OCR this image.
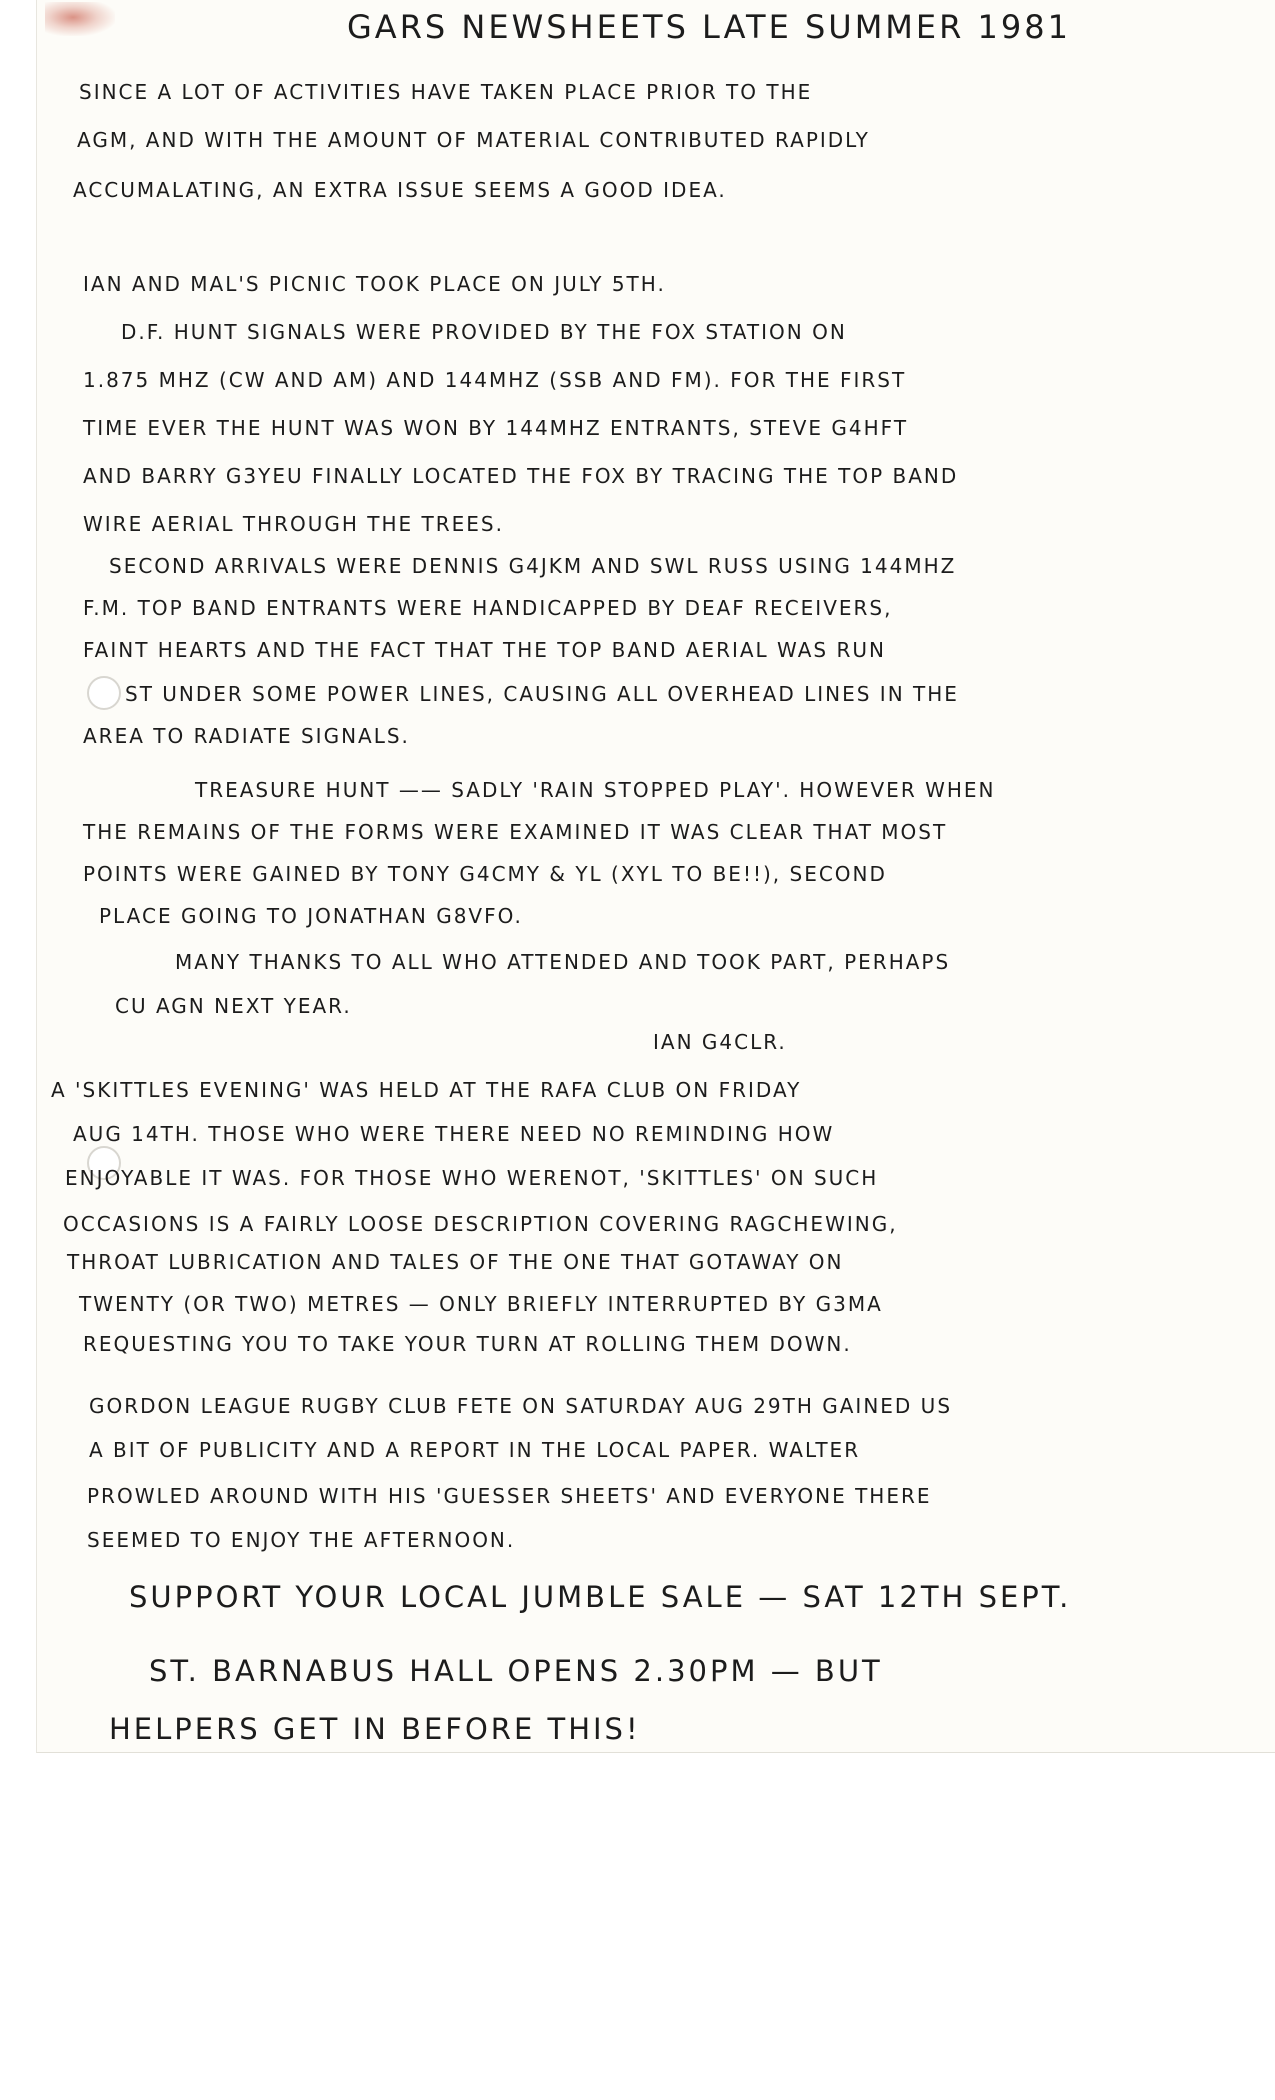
GARS NEWSHEETS LATE SUMMER 1981

SINCE A LOT OF ACTIVITIES HAVE TAKEN PLACE PRIOR TO THE

AGM, AND WITH THE AMOUNT OF MATERIAL CONTRIBUTED RAPIDLY

ACCUMALATING, AN EXTRA ISSUE SEEMS A GOOD IDEA.

IAN AND MAL'S PICNIC TOOK PLACE ON JULY 5TH.

D.F. HUNT SIGNALS WERE PROVIDED BY THE FOX STATION ON

1.875 MHZ (CW AND AM) AND 144MHZ (SSB AND FM). FOR THE FIRST

TIME EVER THE HUNT WAS WON BY 144MHZ ENTRANTS, STEVE G4HFT

AND BARRY G3YEU FINALLY LOCATED THE FOX BY TRACING THE TOP BAND

WIRE AERIAL THROUGH THE TREES.

SECOND ARRIVALS WERE DENNIS G4JKM AND SWL RUSS USING 144MHZ

F.M. TOP BAND ENTRANTS WERE HANDICAPPED BY DEAF RECEIVERS,

FAINT HEARTS AND THE FACT THAT THE TOP BAND AERIAL WAS RUN

ST UNDER SOME POWER LINES, CAUSING ALL OVERHEAD LINES IN THE

AREA TO RADIATE SIGNALS.

TREASURE HUNT —— SADLY 'RAIN STOPPED PLAY'. HOWEVER WHEN

THE REMAINS OF THE FORMS WERE EXAMINED IT WAS CLEAR THAT MOST

POINTS WERE GAINED BY TONY G4CMY & YL (XYL TO BE!!), SECOND

PLACE GOING TO JONATHAN G8VFO.

MANY THANKS TO ALL WHO ATTENDED AND TOOK PART, PERHAPS

CU AGN NEXT YEAR.

IAN G4CLR.

A 'SKITTLES EVENING' WAS HELD AT THE RAFA CLUB ON FRIDAY

AUG 14TH. THOSE WHO WERE THERE NEED NO REMINDING HOW

ENJOYABLE IT WAS. FOR THOSE WHO WERENOT, 'SKITTLES' ON SUCH

OCCASIONS IS A FAIRLY LOOSE DESCRIPTION COVERING RAGCHEWING,

THROAT LUBRICATION AND TALES OF THE ONE THAT GOTAWAY ON

TWENTY (OR TWO) METRES — ONLY BRIEFLY INTERRUPTED BY G3MA

REQUESTING YOU TO TAKE YOUR TURN AT ROLLING THEM DOWN.

GORDON LEAGUE RUGBY CLUB FETE ON SATURDAY AUG 29TH GAINED US

A BIT OF PUBLICITY AND A REPORT IN THE LOCAL PAPER. WALTER

PROWLED AROUND WITH HIS 'GUESSER SHEETS' AND EVERYONE THERE

SEEMED TO ENJOY THE AFTERNOON.

SUPPORT YOUR LOCAL JUMBLE SALE — SAT 12TH SEPT.

ST. BARNABUS HALL OPENS 2.30PM — BUT

HELPERS GET IN BEFORE THIS!
